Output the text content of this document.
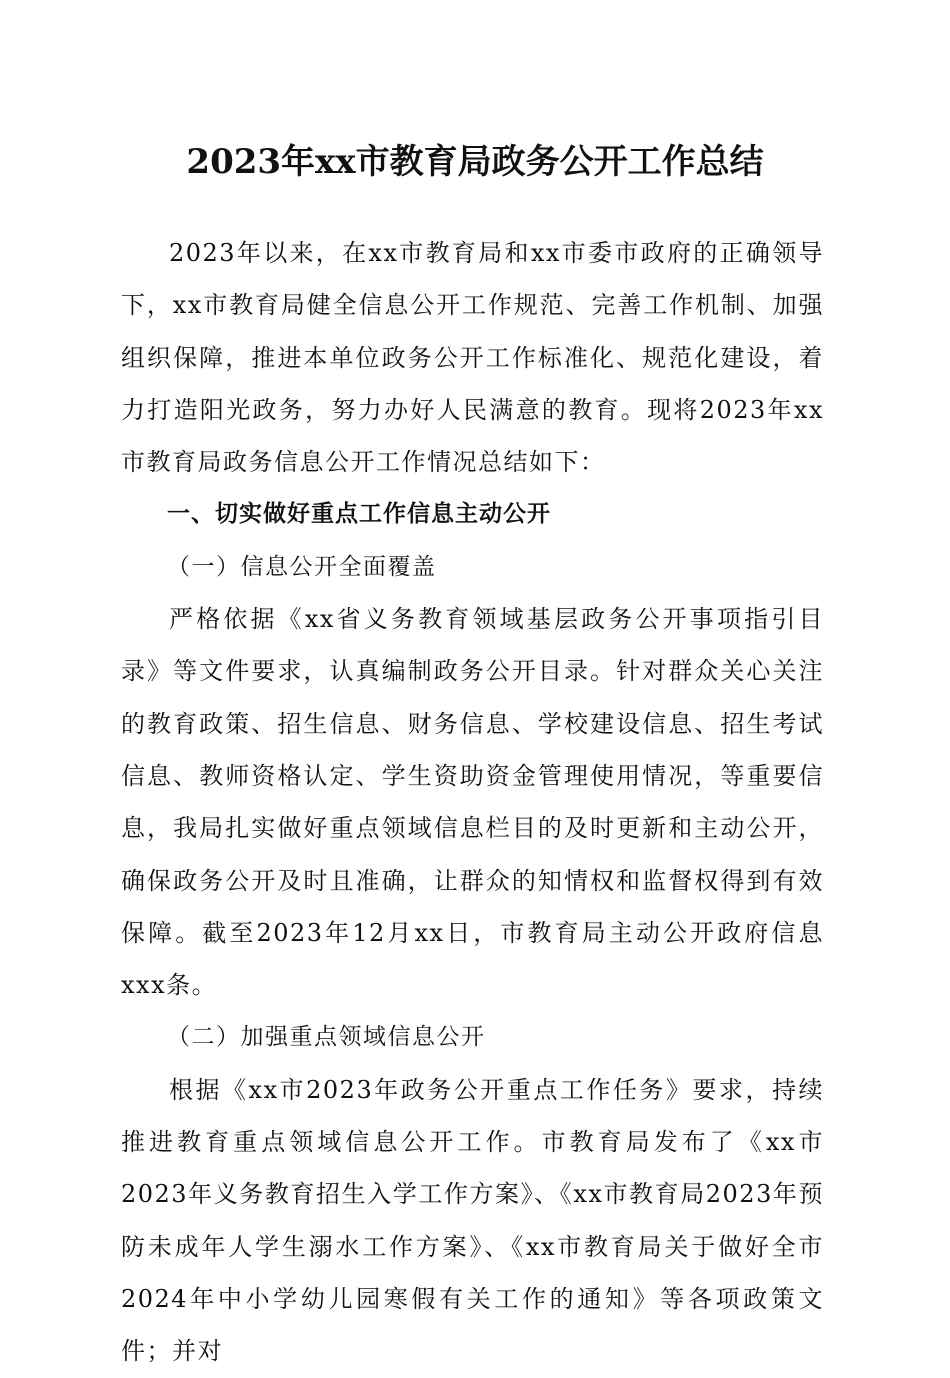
2023年xx市教育局政务公开工作总结

2023年以来，在xx市教育局和xx市委市政府的正确领导下，xx市教育局健全信息公开工作规范、完善工作机制、加强组织保障，推进本单位政务公开工作标准化、规范化建设，着力打造阳光政务，努力办好人民满意的教育。现将2023年xx市教育局政务信息公开工作情况总结如下：

一、切实做好重点工作信息主动公开

（一）信息公开全面覆盖

严格依据《xx省义务教育领域基层政务公开事项指引目录》等文件要求，认真编制政务公开目录。针对群众关心关注的教育政策、招生信息、财务信息、学校建设信息、招生考试信息、教师资格认定、学生资助资金管理使用情况，等重要信息，我局扎实做好重点领域信息栏目的及时更新和主动公开，确保政务公开及时且准确，让群众的知情权和监督权得到有效保障。截至2023年12月xx日，市教育局主动公开政府信息xxx条。

（二）加强重点领域信息公开

根据《xx市2023年政务公开重点工作任务》要求，持续推进教育重点领域信息公开工作。市教育局发布了《xx市2023年义务教育招生入学工作方案》、《xx市教育局2023年预防未成年人学生溺水工作方案》、《xx市教育局关于做好全市2024年中小学幼儿园寒假有关工作的通知》等各项政策文件；并对
